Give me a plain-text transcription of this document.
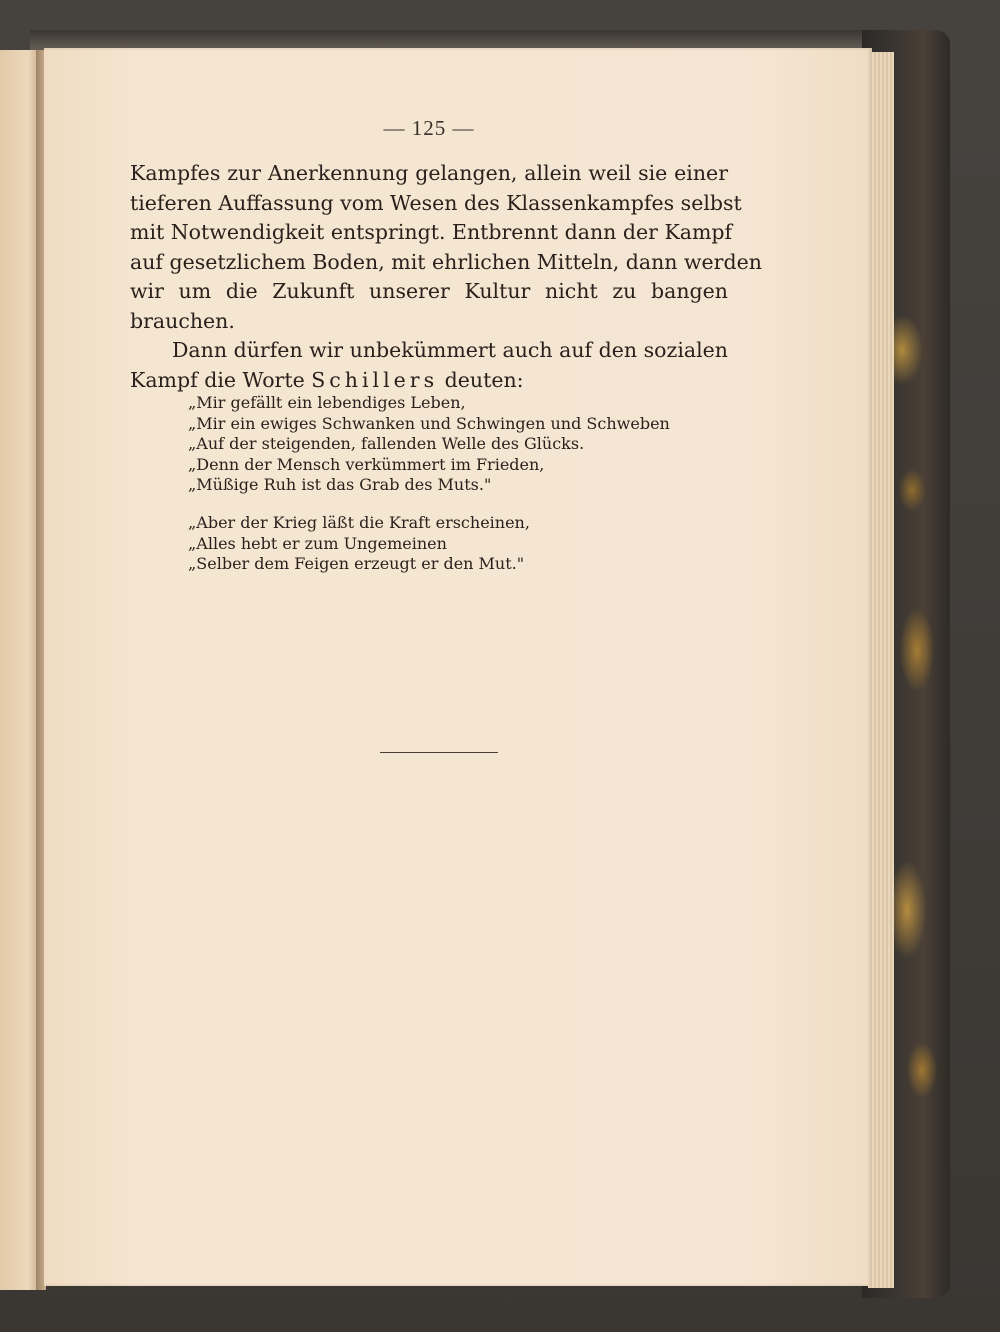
— 125 —

Kampfes zur Anerkennung gelangen, allein weil sie einer
tieferen Auffassung vom Wesen des Klassenkampfes selbst
mit Notwendigkeit entspringt. Entbrennt dann der Kampf
auf gesetzlichem Boden, mit ehrlichen Mitteln, dann werden
wir um die Zukunft unserer Kultur nicht zu bangen
brauchen.

Dann dürfen wir unbekümmert auch auf den sozialen
Kampf die Worte Schillers deuten:

„Mir gefällt ein lebendiges Leben,
„Mir ein ewiges Schwanken und Schwingen und Schweben
„Auf der steigenden, fallenden Welle des Glücks.
„Denn der Mensch verkümmert im Frieden,
„Müßige Ruh ist das Grab des Muts."
„Aber der Krieg läßt die Kraft erscheinen,
„Alles hebt er zum Ungemeinen
„Selber dem Feigen erzeugt er den Mut."
